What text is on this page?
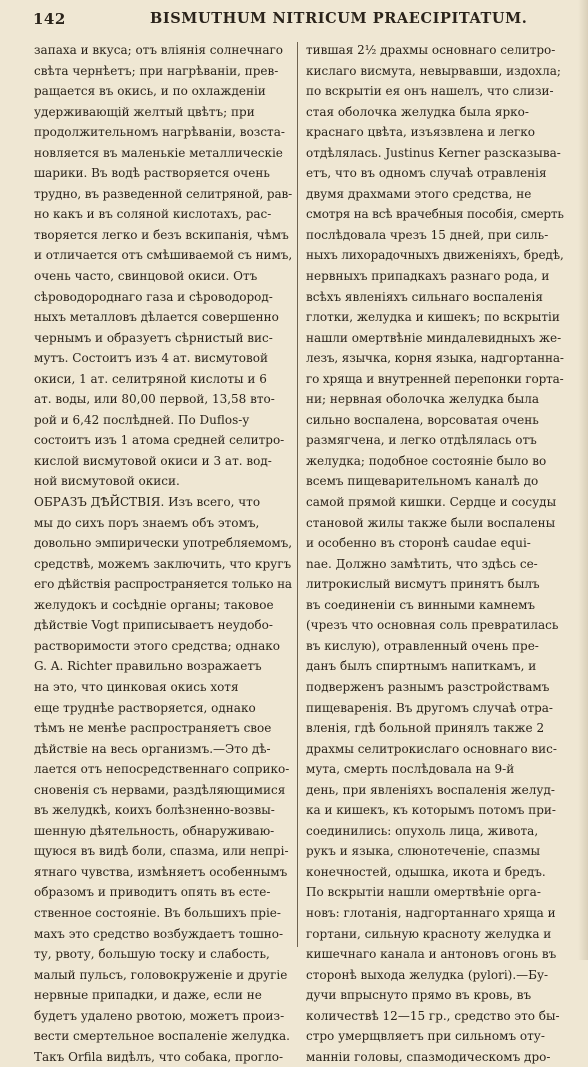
142	BISMUTHUM NITRICUM PRAECIPITATUM.
запаха и вкуса; отъ вліянія солнечнаго
свѣта чернѣетъ; при нагрѣваніи, прев-
ращается въ окись, и по охлажденіи
удерживающій желтый цвѣтъ; при
продолжительномъ нагрѣваніи, возста-
новляется въ маленькіе металлическіе
шарики. Въ водѣ растворяется очень
трудно, въ разведенной селитряной, рав-
но какъ и въ соляной кислотахъ, рас-
творяется легко и безъ вскипанія, чѣмъ
и отличается отъ смѣшиваемой съ нимъ,
очень часто, свинцовой окиси. Отъ
сѣроводороднаго газа и сѣроводород-
ныхъ металловъ дѣлается совершенно
чернымъ и образуетъ сѣрнистый вис-
мутъ. Состоитъ изъ 4 ат. висмутовой
окиси, 1 ат. селитряной кислоты и 6
ат. воды, или 80,00 первой, 13,58 вто-
рой и 6,42 послѣдней. По Duflos-у
состоитъ изъ 1 атома средней селитро-
кислой висмутовой окиси и 3 ат. вод-
ной висмутовой окиси.
ОБРАЗЪ ДѢЙСТВІЯ. Изъ всего, что
мы до сихъ поръ знаемъ объ этомъ,
довольно эмпирически употребляемомъ,
средствѣ, можемъ заключить, что кругъ
его дѣйствія распространяется только на
желудокъ и сосѣдніе органы; таковое
дѣйствіе Vogt приписываетъ неудобо-
растворимости этого средства; однако
G. A. Richter правильно возражаетъ
на это, что цинковая окись хотя
еще труднѣе растворяется, однако
тѣмъ не менѣе распространяетъ свое
дѣйствіе на весь организмъ.—Это дѣ-
лается отъ непосредственнаго соприко-
сновенія съ нервами, раздѣляющимися
въ желудкѣ, коихъ болѣзненно-возвы-
шенную дѣятельность, обнаруживаю-
щуюся въ видѣ боли, спазма, или непрі-
ятнаго чувства, измѣняетъ особеннымъ
образомъ и приводитъ опять въ есте-
ственное состояніе. Въ большихъ пріе-
махъ это средство возбуждаетъ тошно-
ту, рвоту, большую тоску и слабость,
малый пульсъ, головокруженіе и другіе
нервные припадки, и даже, если не
будетъ удалено рвотою, можетъ произ-
вести смертельное воспаленіе желудка.
Такъ Orfila видѣлъ, что собака, прогло-
тившая 2½ драхмы основнаго селитро-
кислаго висмута, невырвавши, издохла;
по вскрытіи ея онъ нашелъ, что слизи-
стая оболочка желудка была ярко-
краснаго цвѣта, изъязвлена и легко
отдѣлялась. Justinus Kerner разсказыва-
етъ, что въ одномъ случаѣ отравленія
двумя драхмами этого средства, не
смотря на всѣ врачебныя пособія, смерть
послѣдовала чрезъ 15 дней, при силь-
ныхъ лихорадочныхъ движеніяхъ, бредѣ,
нервныхъ припадкахъ разнаго рода, и
всѣхъ явленіяхъ сильнаго воспаленія
глотки, желудка и кишекъ; по вскрытіи
нашли омертвѣніе миндалевидныхъ же-
лезъ, язычка, корня языка, надгортанна-
го хряща и внутренней перепонки горта-
ни; нервная оболочка желудка была
сильно воспалена, ворсоватая очень
размягчена, и легко отдѣлялась отъ
желудка; подобное состояніе было во
всемъ пищеварительномъ каналѣ до
самой прямой кишки. Сердце и сосуды
становой жилы также были воспалены
и особенно въ сторонѣ caudae equi-
nae. Должно замѣтить, что здѣсь се-
литрокислый висмутъ принятъ былъ
въ соединеніи съ винными камнемъ
(чрезъ что основная соль превратилась
въ кислую), отравленный очень пре-
данъ былъ спиртнымъ напиткамъ, и
подверженъ разнымъ разстройствамъ
пищеваренія. Въ другомъ случаѣ отра-
вленія, гдѣ больной принялъ также 2
драхмы селитрокислаго основнаго вис-
мута, смерть послѣдовала на 9-й
день, при явленіяхъ воспаленія желуд-
ка и кишекъ, къ которымъ потомъ при-
соединились: опухоль лица, живота,
рукъ и языка, слюнотеченіе, спазмы
конечностей, одышка, икота и бредъ.
По вскрытіи нашли омертвѣніе орга-
новъ: глотанія, надгортаннаго хряща и
гортани, сильную красноту желудка и
кишечнаго канала и антоновъ огонь въ
сторонѣ выхода желудка (pylori).—Бу-
дучи впрыснуто прямо въ кровь, въ
количествѣ 12—15 гр., средство это бы-
стро умерщвляетъ при сильномъ оту-
манніи головы, спазмодическомъ дро-
